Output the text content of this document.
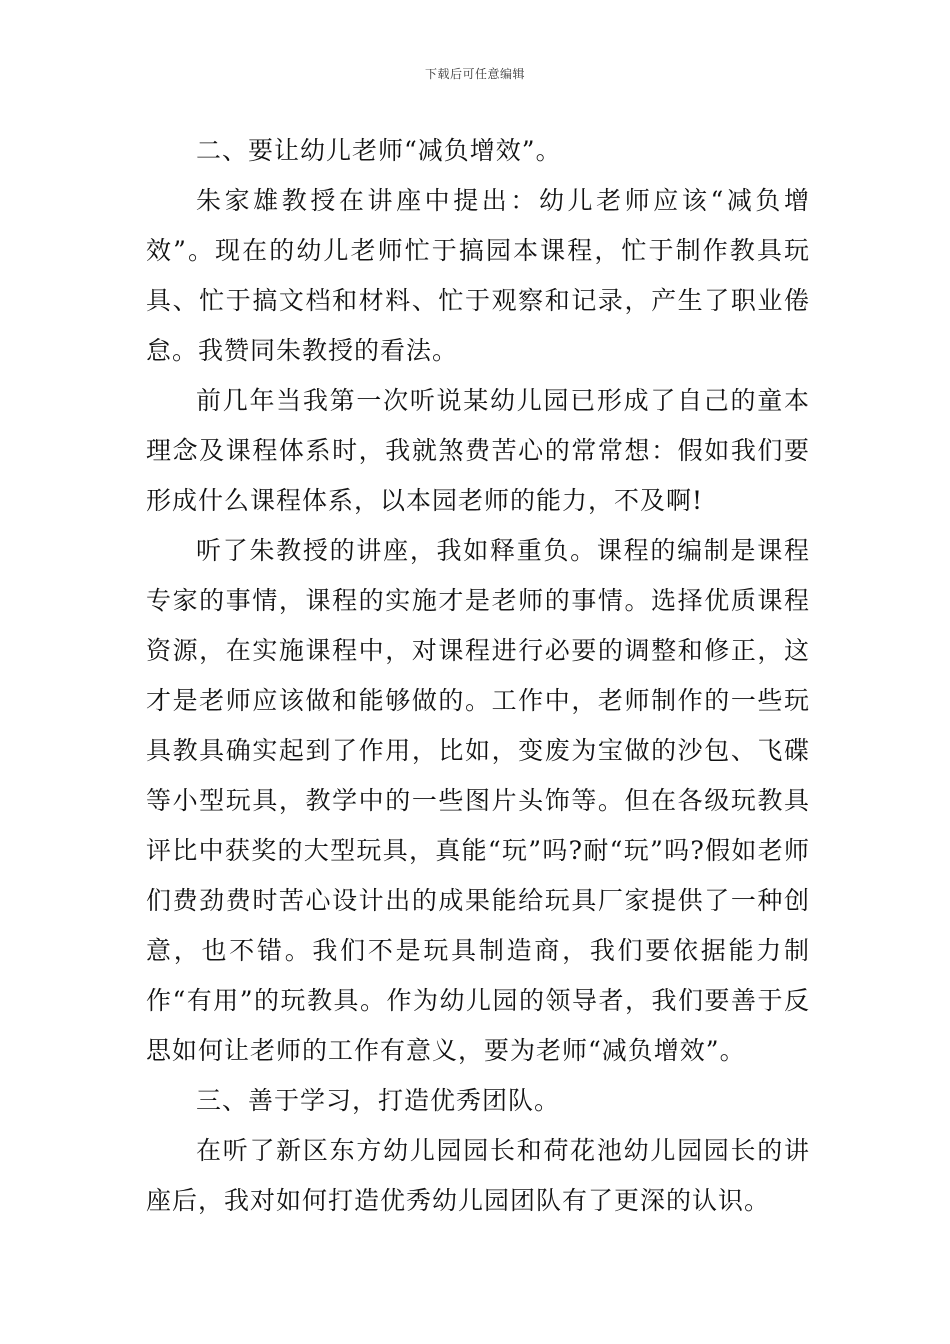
下载后可任意编辑

二、要让幼儿老师“减负增效”。

朱家雄教授在讲座中提出：幼儿老师应该“减负增效”。现在的幼儿老师忙于搞园本课程，忙于制作教具玩具、忙于搞文档和材料、忙于观察和记录，产生了职业倦怠。我赞同朱教授的看法。

前几年当我第一次听说某幼儿园已形成了自己的童本理念及课程体系时，我就煞费苦心的常常想：假如我们要形成什么课程体系，以本园老师的能力，不及啊!

听了朱教授的讲座，我如释重负。课程的编制是课程专家的事情，课程的实施才是老师的事情。选择优质课程资源，在实施课程中，对课程进行必要的调整和修正，这才是老师应该做和能够做的。工作中，老师制作的一些玩具教具确实起到了作用，比如，变废为宝做的沙包、飞碟等小型玩具，教学中的一些图片头饰等。但在各级玩教具评比中获奖的大型玩具，真能“玩”吗?耐“玩”吗?假如老师们费劲费时苦心设计出的成果能给玩具厂家提供了一种创意，也不错。我们不是玩具制造商，我们要依据能力制作“有用”的玩教具。作为幼儿园的领导者，我们要善于反思如何让老师的工作有意义，要为老师“减负增效”。

三、善于学习，打造优秀团队。

在听了新区东方幼儿园园长和荷花池幼儿园园长的讲座后，我对如何打造优秀幼儿园团队有了更深的认识。
